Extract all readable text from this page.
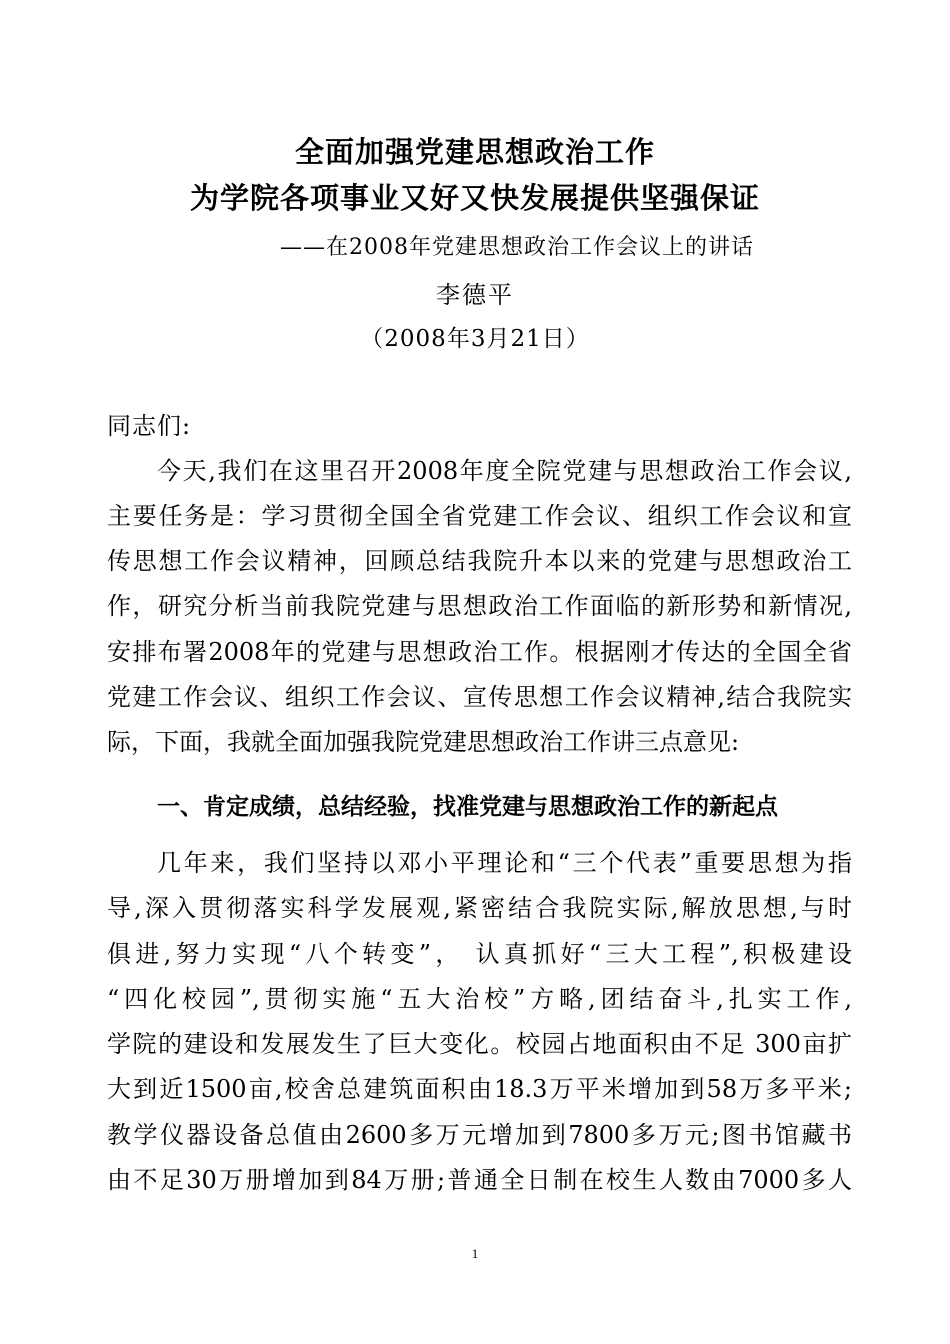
全面加强党建思想政治工作
为学院各项事业又好又快发展提供坚强保证
——在2008年党建思想政治工作会议上的讲话
李德平
（2008年3月21日）
同志们:
今天,我们在这里召开2008年度全院党建与思想政治工作会议,
主要任务是：学习贯彻全国全省党建工作会议、组织工作会议和宣
传思想工作会议精神，回顾总结我院升本以来的党建与思想政治工
作，研究分析当前我院党建与思想政治工作面临的新形势和新情况,
安排布署2008年的党建与思想政治工作。根据刚才传达的全国全省
党建工作会议、组织工作会议、宣传思想工作会议精神,结合我院实
际，下面，我就全面加强我院党建思想政治工作讲三点意见:
一、肯定成绩，总结经验，找准党建与思想政治工作的新起点
几年来，我们坚持以邓小平理论和“三个代表”重要思想为指
导,深入贯彻落实科学发展观,紧密结合我院实际,解放思想,与时
俱进,努力实现“八个转变”， 认真抓好“三大工程”,积极建设
“四化校园”,贯彻实施“五大治校”方略,团结奋斗,扎实工作,
学院的建设和发展发生了巨大变化。校园占地面积由不足 300亩扩
大到近1500亩,校舍总建筑面积由18.3万平米增加到58万多平米;
教学仪器设备总值由2600多万元增加到7800多万元;图书馆藏书
由不足30万册增加到84万册;普通全日制在校生人数由7000多人
1
